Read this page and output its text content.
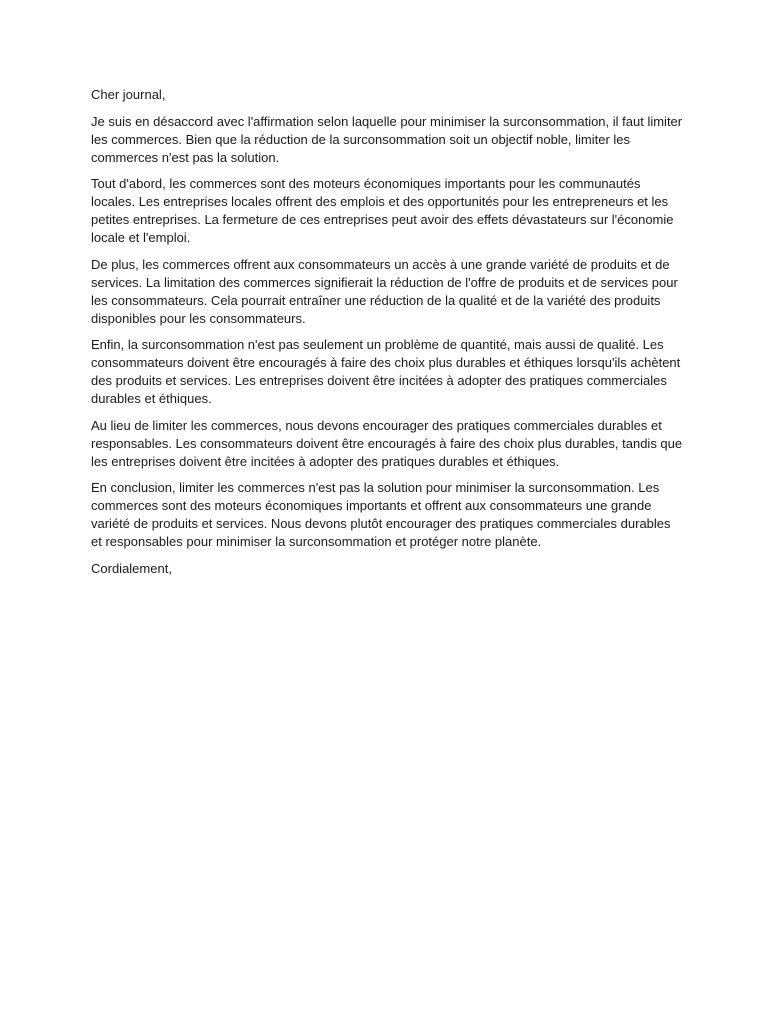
Cher journal,

Je suis en désaccord avec l'affirmation selon laquelle pour minimiser la surconsommation, il faut limiter les commerces. Bien que la réduction de la surconsommation soit un objectif noble, limiter les commerces n'est pas la solution.

Tout d'abord, les commerces sont des moteurs économiques importants pour les communautés locales. Les entreprises locales offrent des emplois et des opportunités pour les entrepreneurs et les petites entreprises. La fermeture de ces entreprises peut avoir des effets dévastateurs sur l'économie locale et l'emploi.

De plus, les commerces offrent aux consommateurs un accès à une grande variété de produits et de services. La limitation des commerces signifierait la réduction de l'offre de produits et de services pour les consommateurs. Cela pourrait entraîner une réduction de la qualité et de la variété des produits disponibles pour les consommateurs.

Enfin, la surconsommation n'est pas seulement un problème de quantité, mais aussi de qualité. Les consommateurs doivent être encouragés à faire des choix plus durables et éthiques lorsqu'ils achètent des produits et services. Les entreprises doivent être incitées à adopter des pratiques commerciales durables et éthiques.

Au lieu de limiter les commerces, nous devons encourager des pratiques commerciales durables et responsables. Les consommateurs doivent être encouragés à faire des choix plus durables, tandis que les entreprises doivent être incitées à adopter des pratiques durables et éthiques.

En conclusion, limiter les commerces n'est pas la solution pour minimiser la surconsommation. Les commerces sont des moteurs économiques importants et offrent aux consommateurs une grande variété de produits et services. Nous devons plutôt encourager des pratiques commerciales durables et responsables pour minimiser la surconsommation et protéger notre planète.

Cordialement,
